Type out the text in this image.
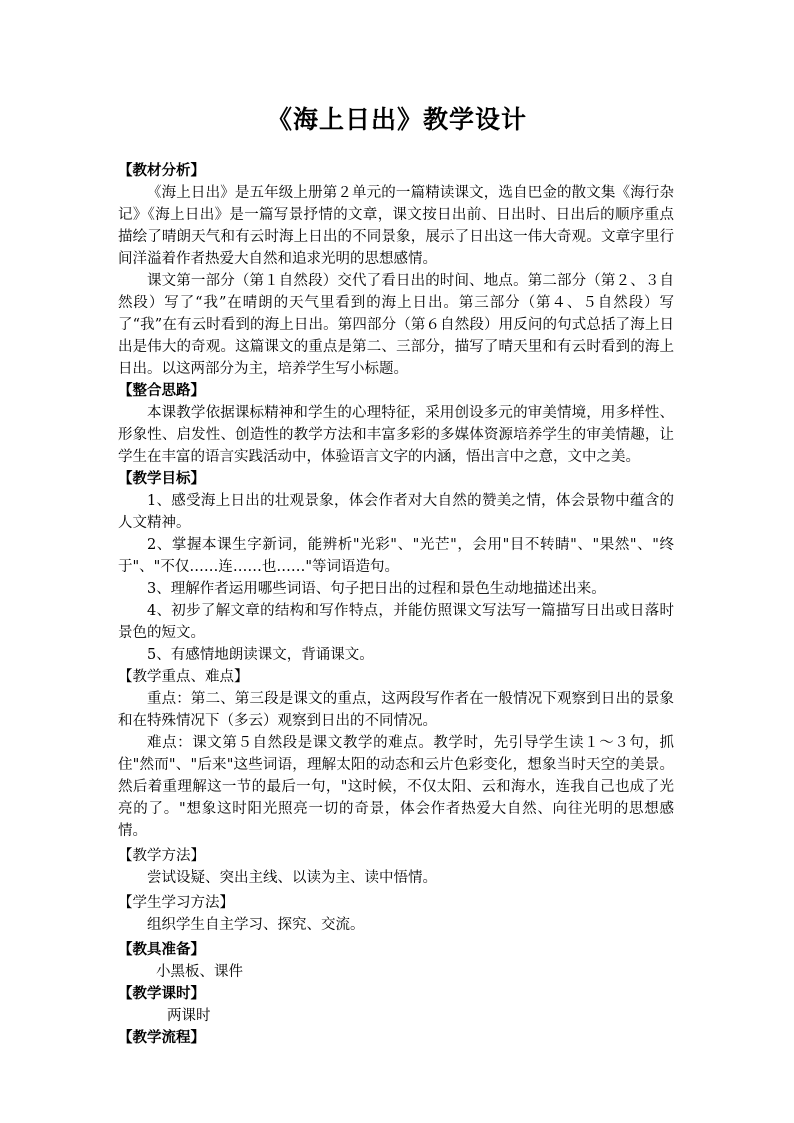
《海上日出》教学设计
【教材分析】
《海上日出》是五年级上册第２单元的一篇精读课文，选自巴金的散文集《海行杂记》《海上日出》是一篇写景抒情的文章，课文按日出前、日出时、日出后的顺序重点描绘了晴朗天气和有云时海上日出的不同景象，展示了日出这一伟大奇观。文章字里行间洋溢着作者热爱大自然和追求光明的思想感情。
课文第一部分（第１自然段）交代了看日出的时间、地点。第二部分（第２、３自然段）写了“我”在晴朗的天气里看到的海上日出。第三部分（第４、５自然段）写了“我”在有云时看到的海上日出。第四部分（第６自然段）用反问的句式总括了海上日出是伟大的奇观。这篇课文的重点是第二、三部分，描写了晴天里和有云时看到的海上日出。以这两部分为主，培养学生写小标题。
【整合思路】
本课教学依据课标精神和学生的心理特征，采用创设多元的审美情境，用多样性、形象性、启发性、创造性的教学方法和丰富多彩的多媒体资源培养学生的审美情趣，让学生在丰富的语言实践活动中，体验语言文字的内涵，悟出言中之意，文中之美。
【教学目标】
1、感受海上日出的壮观景象，体会作者对大自然的赞美之情，体会景物中蕴含的人文精神。
2、掌握本课生字新词，能辨析"光彩"、"光芒"，会用"目不转睛"、"果然"、"终于"、"不仅……连……也……"等词语造句。
3、理解作者运用哪些词语、句子把日出的过程和景色生动地描述出来。
4、初步了解文章的结构和写作特点，并能仿照课文写法写一篇描写日出或日落时景色的短文。
5、有感情地朗读课文，背诵课文。
【教学重点、难点】
重点：第二、第三段是课文的重点，这两段写作者在一般情况下观察到日出的景象和在特殊情况下（多云）观察到日出的不同情况。
难点：课文第５自然段是课文教学的难点。教学时，先引导学生读１～３句，抓住"然而"、"后来"这些词语，理解太阳的动态和云片色彩变化，想象当时天空的美景。然后着重理解这一节的最后一句，"这时候，不仅太阳、云和海水，连我自己也成了光亮的了。"想象这时阳光照亮一切的奇景，体会作者热爱大自然、向往光明的思想感情。
【教学方法】
尝试设疑、突出主线、以读为主、读中悟情。
【学生学习方法】
组织学生自主学习、探究、交流。
【教具准备】
小黑板、课件
【教学课时】
两课时
【教学流程】
